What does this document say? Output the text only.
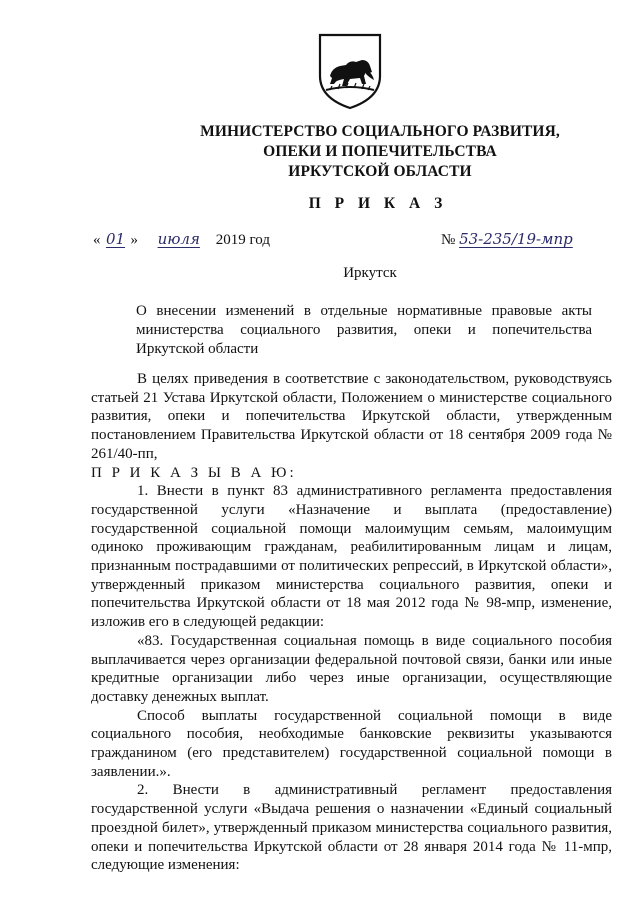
МИНИСТЕРСТВО СОЦИАЛЬНОГО РАЗВИТИЯ,
ОПЕКИ И ПОПЕЧИТЕЛЬСТВА
ИРКУТСКОЙ ОБЛАСТИ
П Р И К А З
« 01 » июля 2019 год	№ 53-235/19-мпр
Иркутск
О внесении изменений в отдельные нормативные правовые акты министерства социального развития, опеки и попечительства Иркутской области

В целях приведения в соответствие с законодательством, руководствуясь статьей 21 Устава Иркутской области, Положением о министерстве социального развития, опеки и попечительства Иркутской области, утвержденным постановлением Правительства Иркутской области от 18 сентября 2009 года № 261/40-пп,

П Р И К А З Ы В А Ю:

1. Внести в пункт 83 административного регламента предоставления государственной услуги «Назначение и выплата (предоставление) государственной социальной помощи малоимущим семьям, малоимущим одиноко проживающим гражданам, реабилитированным лицам и лицам, признанным пострадавшими от политических репрессий, в Иркутской области», утвержденный приказом министерства социального развития, опеки и попечительства Иркутской области от 18 мая 2012 года № 98-мпр, изменение, изложив его в следующей редакции:

«83. Государственная социальная помощь в виде социального пособия выплачивается через организации федеральной почтовой связи, банки или иные кредитные организации либо через иные организации, осуществляющие доставку денежных выплат.

Способ выплаты государственной социальной помощи в виде социального пособия, необходимые банковские реквизиты указываются гражданином (его представителем) государственной социальной помощи в заявлении.».

2. Внести в административный регламент предоставления государственной услуги «Выдача решения о назначении «Единый социальный проездной билет», утвержденный приказом министерства социального развития, опеки и попечительства Иркутской области от 28 января 2014 года № 11-мпр, следующие изменения:
